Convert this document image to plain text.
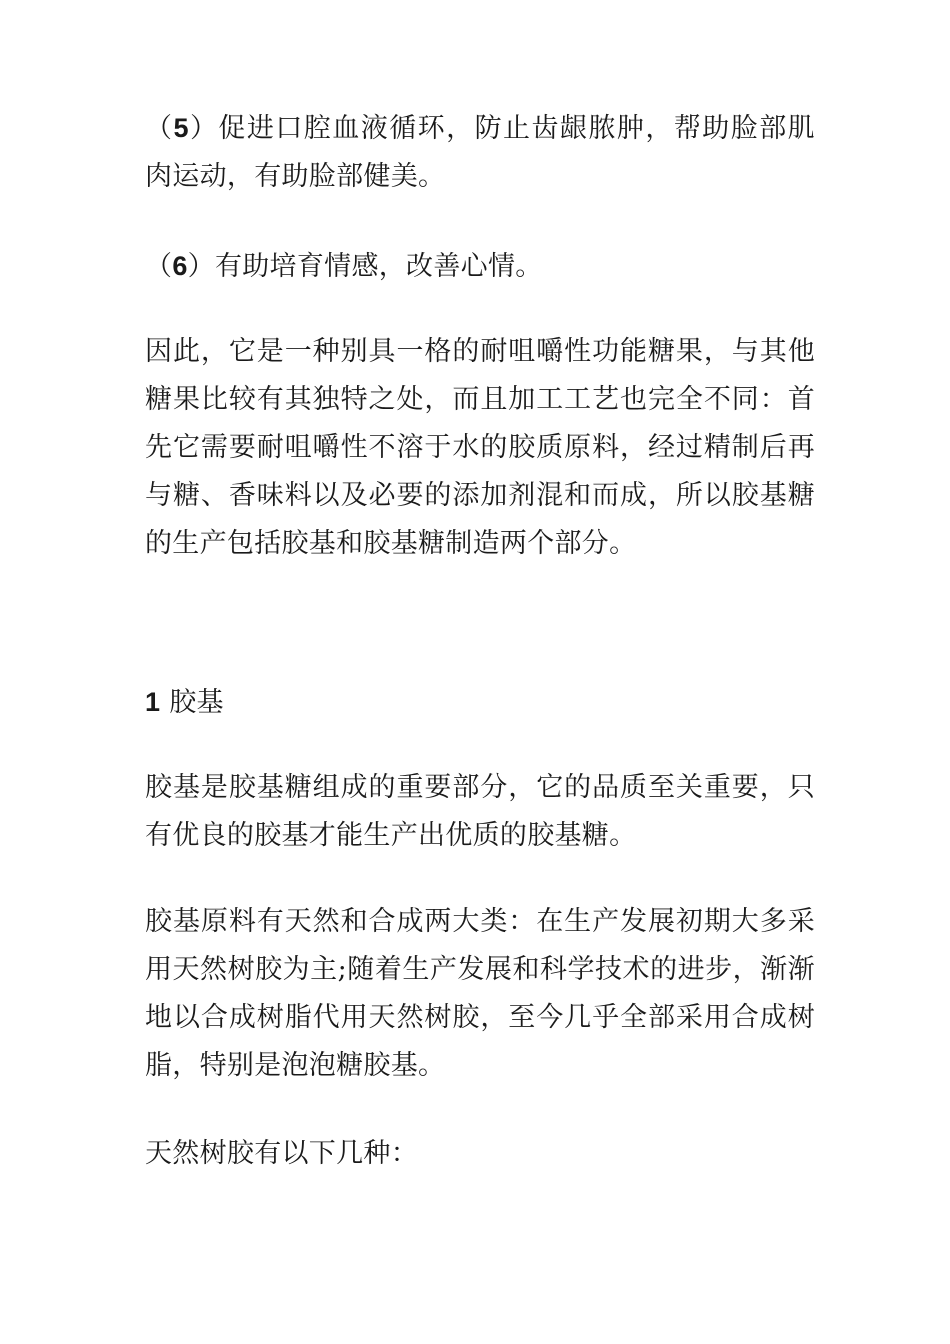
（5）促进口腔血液循环，防止齿龈脓肿，帮助脸部肌肉运动，有助脸部健美。

（6）有助培育情感，改善心情。

因此，它是一种别具一格的耐咀嚼性功能糖果，与其他糖果比较有其独特之处，而且加工工艺也完全不同：首先它需要耐咀嚼性不溶于水的胶质原料，经过精制后再与糖、香味料以及必要的添加剂混和而成，所以胶基糖的生产包括胶基和胶基糖制造两个部分。

1 胶基

胶基是胶基糖组成的重要部分，它的品质至关重要，只有优良的胶基才能生产出优质的胶基糖。

胶基原料有天然和合成两大类：在生产发展初期大多采用天然树胶为主;随着生产发展和科学技术的进步，渐渐地以合成树脂代用天然树胶，至今几乎全部采用合成树脂，特别是泡泡糖胶基。

天然树胶有以下几种：
